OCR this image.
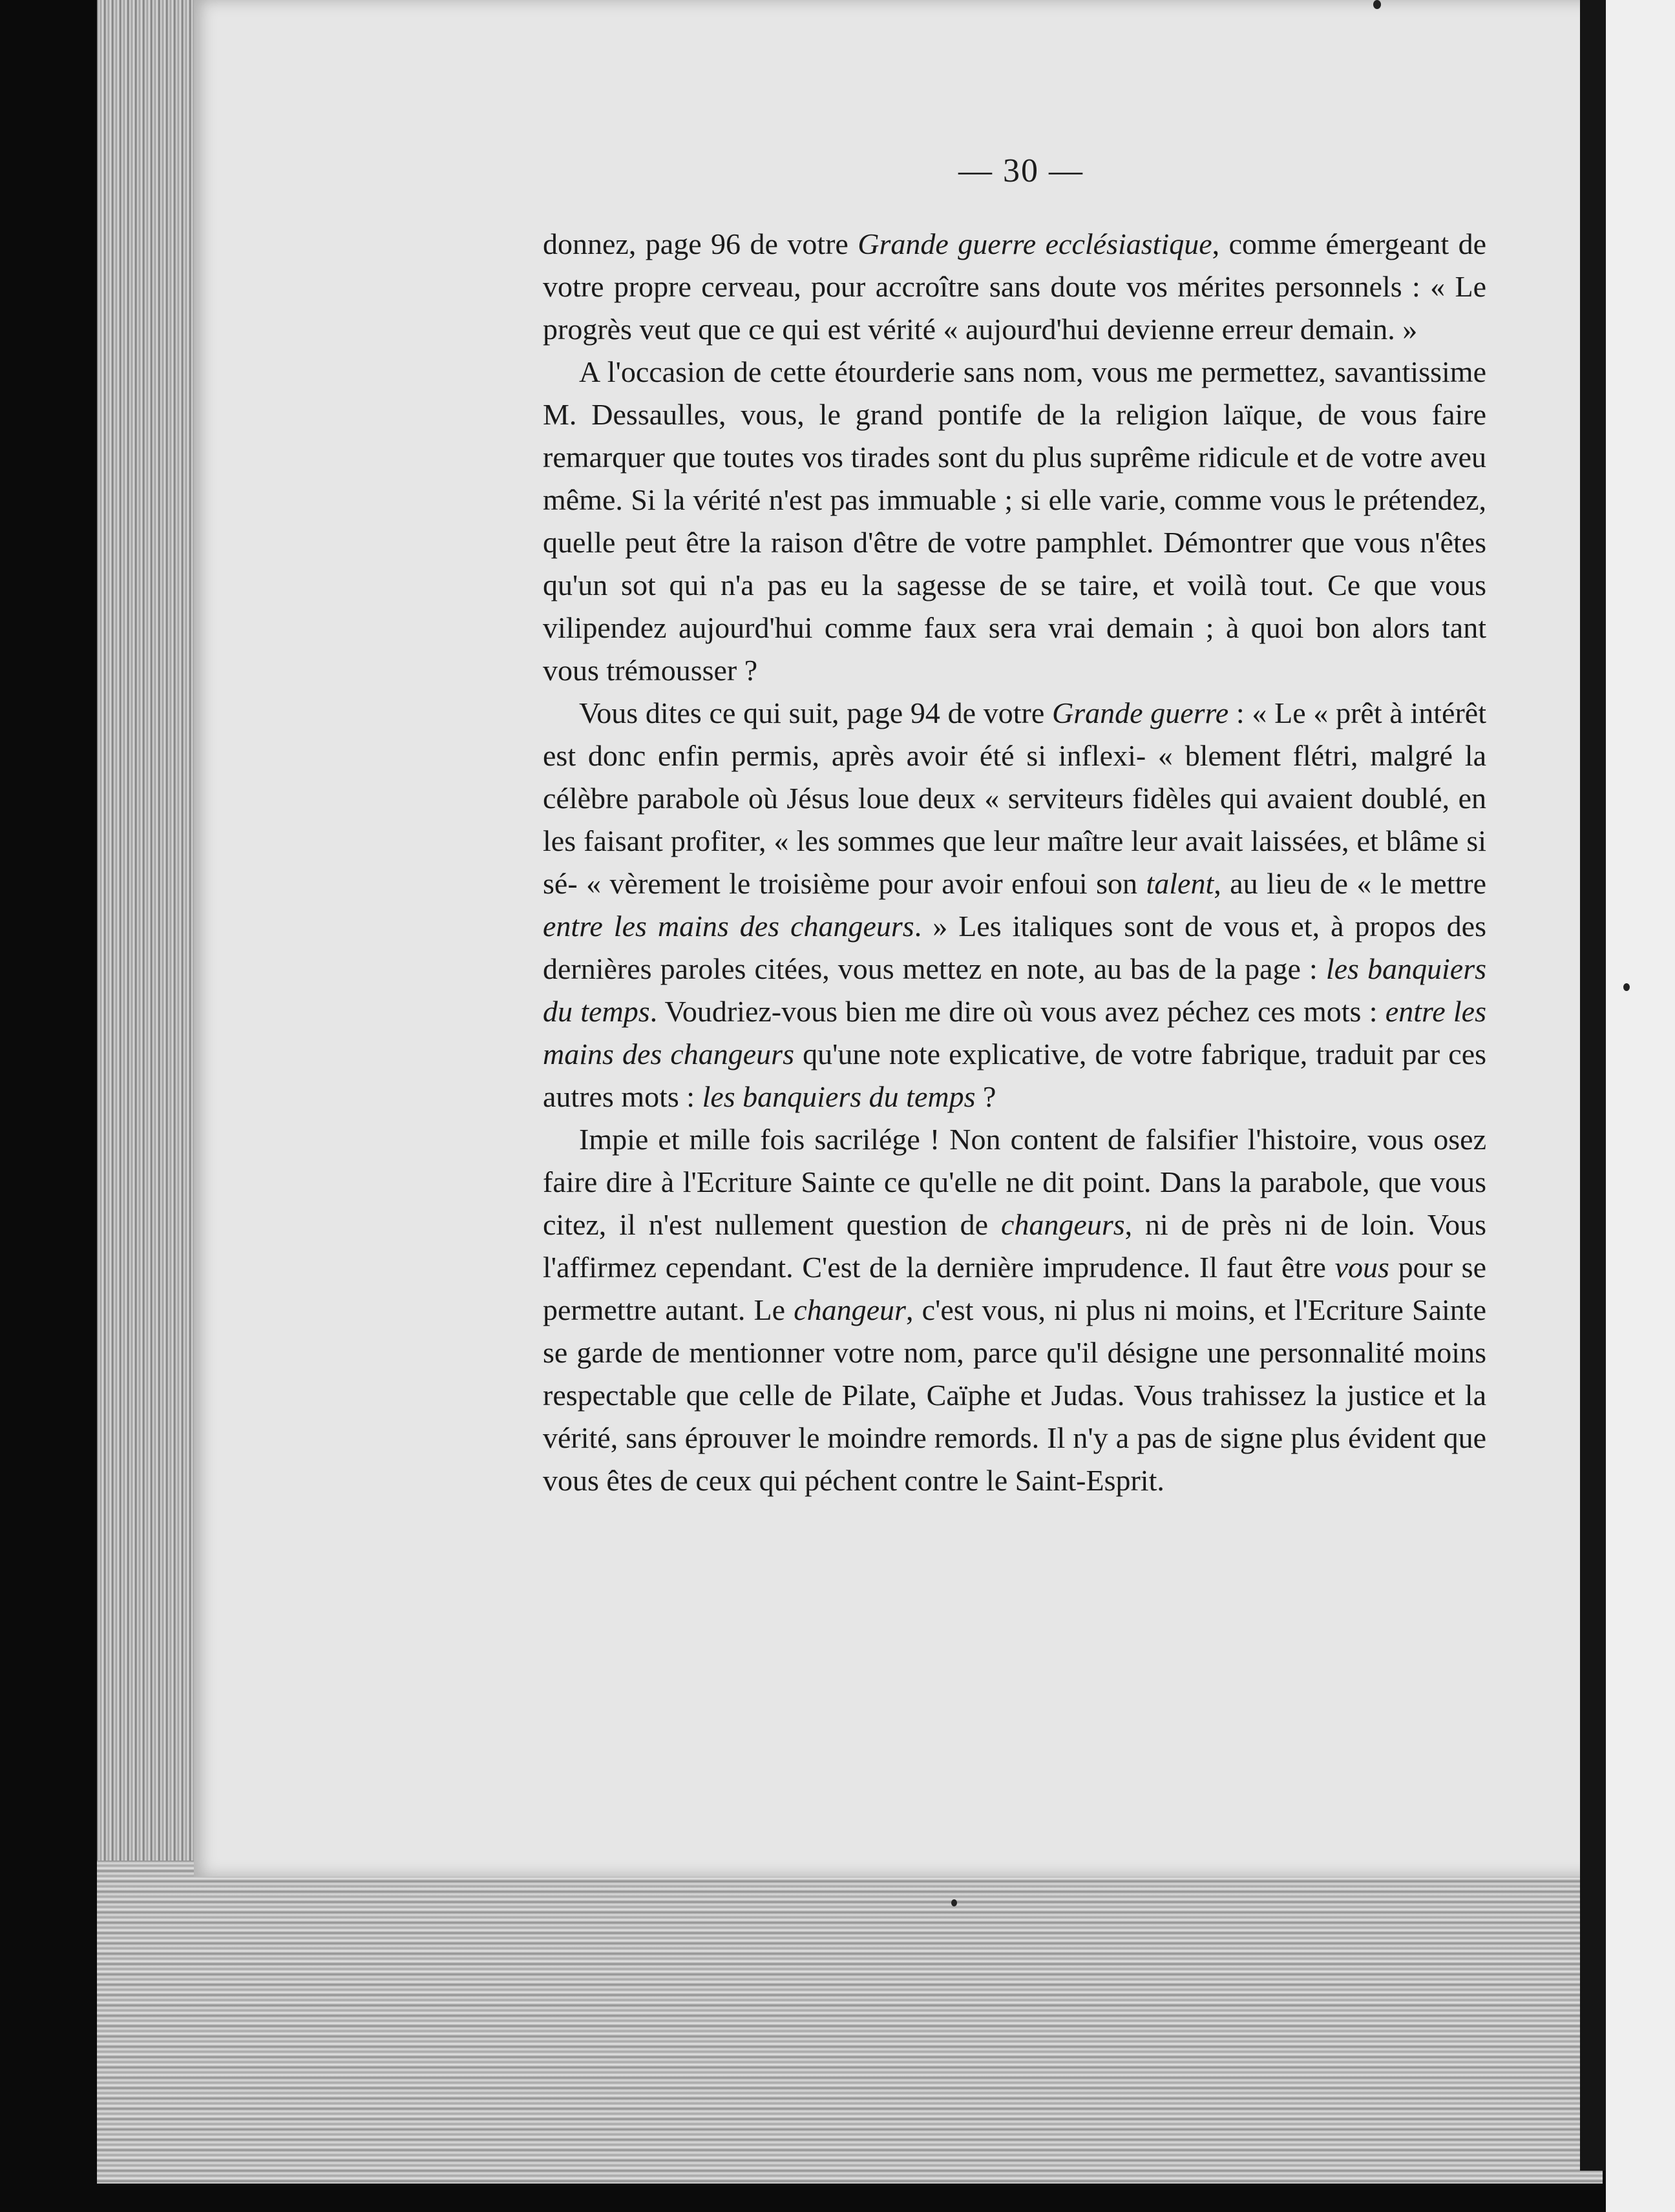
— 30 —

donnez, page 96 de votre Grande guerre ecclésiastique, comme émergeant de votre propre cerveau, pour accroître sans doute vos mérites personnels : « Le progrès veut que ce qui est vérité « aujourd'hui devienne erreur demain. »

A l'occasion de cette étourderie sans nom, vous me permettez, savantissime M. Dessaulles, vous, le grand pontife de la religion laïque, de vous faire remarquer que toutes vos tirades sont du plus suprême ridicule et de votre aveu même. Si la vérité n'est pas immuable ; si elle varie, comme vous le prétendez, quelle peut être la raison d'être de votre pamphlet. Démontrer que vous n'êtes qu'un sot qui n'a pas eu la sagesse de se taire, et voilà tout. Ce que vous vilipendez aujourd'hui comme faux sera vrai demain ; à quoi bon alors tant vous trémousser ?

Vous dites ce qui suit, page 94 de votre Grande guerre : « Le « prêt à intérêt est donc enfin permis, après avoir été si inflexi- « blement flétri, malgré la célèbre parabole où Jésus loue deux « serviteurs fidèles qui avaient doublé, en les faisant profiter, « les sommes que leur maître leur avait laissées, et blâme si sé- « vèrement le troisième pour avoir enfoui son talent, au lieu de « le mettre entre les mains des changeurs. » Les italiques sont de vous et, à propos des dernières paroles citées, vous mettez en note, au bas de la page : les banquiers du temps. Voudriez-vous bien me dire où vous avez péchez ces mots : entre les mains des changeurs qu'une note explicative, de votre fabrique, traduit par ces autres mots : les banquiers du temps ?

Impie et mille fois sacrilége ! Non content de falsifier l'histoire, vous osez faire dire à l'Ecriture Sainte ce qu'elle ne dit point. Dans la parabole, que vous citez, il n'est nullement question de changeurs, ni de près ni de loin. Vous l'affirmez cependant. C'est de la dernière imprudence. Il faut être vous pour se permettre autant. Le changeur, c'est vous, ni plus ni moins, et l'Ecriture Sainte se garde de mentionner votre nom, parce qu'il désigne une personnalité moins respectable que celle de Pilate, Caïphe et Judas. Vous trahissez la justice et la vérité, sans éprouver le moindre remords. Il n'y a pas de signe plus évident que vous êtes de ceux qui péchent contre le Saint-Esprit.
